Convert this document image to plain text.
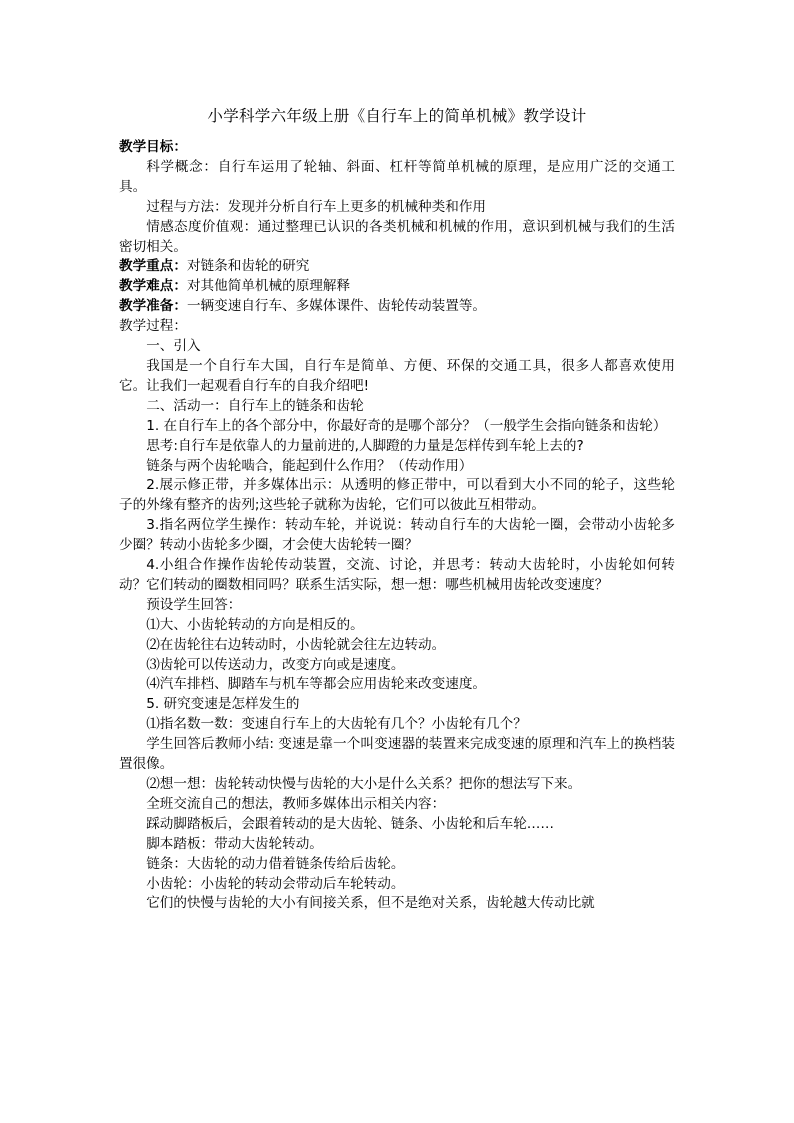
小学科学六年级上册《自行车上的简单机械》教学设计

教学目标：

科学概念：自行车运用了轮轴、斜面、杠杆等简单机械的原理，是应用广泛的交通工具。

过程与方法：发现并分析自行车上更多的机械种类和作用

情感态度价值观：通过整理已认识的各类机械和机械的作用，意识到机械与我们的生活密切相关。

教学重点：对链条和齿轮的研究

教学难点：对其他简单机械的原理解释

教学准备：一辆变速自行车、多媒体课件、齿轮传动装置等。

教学过程：

一、引入

我国是一个自行车大国，自行车是简单、方便、环保的交通工具，很多人都喜欢使用它。让我们一起观看自行车的自我介绍吧!

二、活动一：自行车上的链条和齿轮

1. 在自行车上的各个部分中，你最好奇的是哪个部分？（一般学生会指向链条和齿轮）

思考:自行车是依靠人的力量前进的,人脚蹬的力量是怎样传到车轮上去的?

链条与两个齿轮啮合，能起到什么作用？（传动作用）

2.展示修正带，并多媒体出示：从透明的修正带中，可以看到大小不同的轮子，这些轮子的外缘有整齐的齿列;这些轮子就称为齿轮，它们可以彼此互相带动。

3.指名两位学生操作：转动车轮，并说说：转动自行车的大齿轮一圈，会带动小齿轮多少圈？转动小齿轮多少圈，才会使大齿轮转一圈？

4.小组合作操作齿轮传动装置，交流、讨论，并思考：转动大齿轮时，小齿轮如何转动？它们转动的圈数相同吗？联系生活实际，想一想：哪些机械用齿轮改变速度？

预设学生回答：

⑴大、小齿轮转动的方向是相反的。

⑵在齿轮往右边转动时，小齿轮就会往左边转动。

⑶齿轮可以传送动力，改变方向或是速度。

⑷汽车排档、脚踏车与机车等都会应用齿轮来改变速度。

5. 研究变速是怎样发生的

⑴指名数一数：变速自行车上的大齿轮有几个？小齿轮有几个？

学生回答后教师小结: 变速是靠一个叫变速器的装置来完成变速的原理和汽车上的换档装置很像。

⑵想一想：齿轮转动快慢与齿轮的大小是什么关系？把你的想法写下来。

全班交流自己的想法，教师多媒体出示相关内容：

踩动脚踏板后，会跟着转动的是大齿轮、链条、小齿轮和后车轮……

脚本踏板：带动大齿轮转动。

链条：大齿轮的动力借着链条传给后齿轮。

小齿轮：小齿轮的转动会带动后车轮转动。

它们的快慢与齿轮的大小有间接关系，但不是绝对关系，齿轮越大传动比就
